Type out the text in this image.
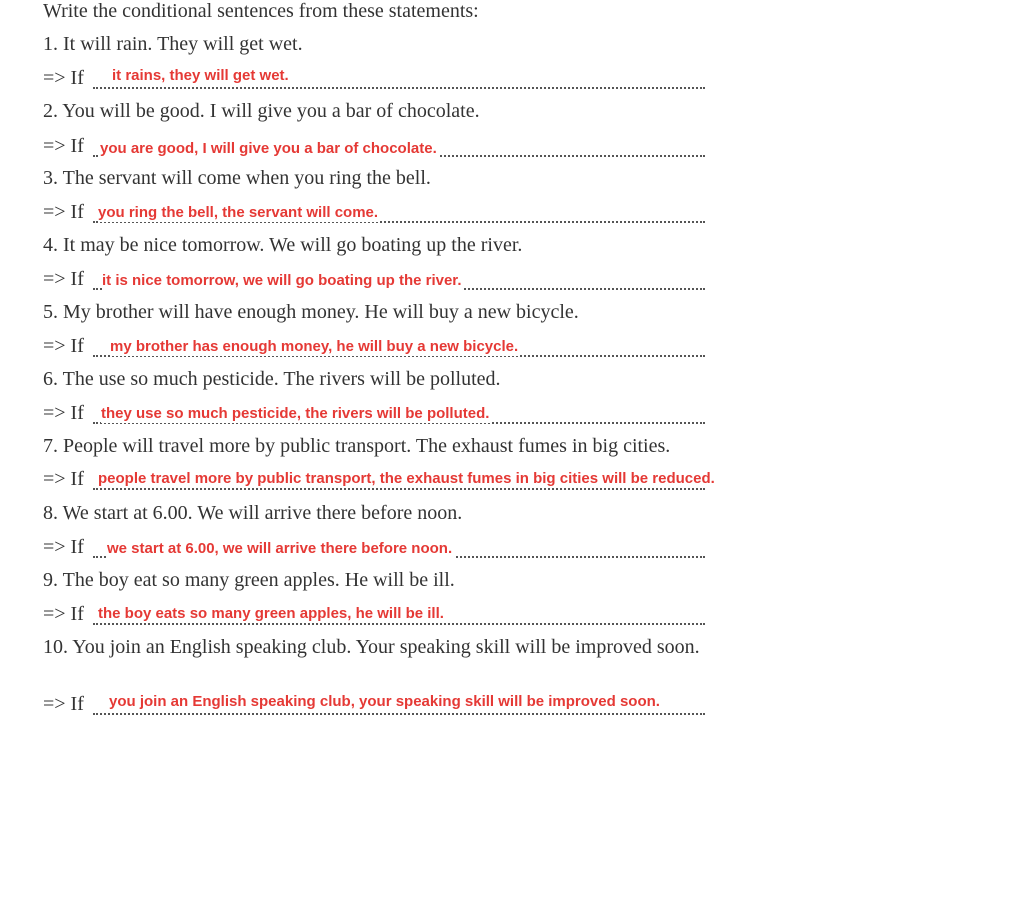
Write the conditional sentences from these statements:
1. It will rain. They will get wet.
=> If it rains, they will get wet.
2. You will be good. I will give you a bar of chocolate.
=> If you are good, I will give you a bar of chocolate.
3. The servant will come when you ring the bell.
=> If you ring the bell, the servant will come.
4. It may be nice tomorrow. We will go boating up the river.
=> If it is nice tomorrow, we will go boating up the river.
5. My brother will have enough money. He will buy a new bicycle.
=> If my brother has enough money, he will buy a new bicycle.
6. The use so much pesticide. The rivers will be polluted.
=> If they use so much pesticide, the rivers will be polluted.
7. People will travel more by public transport. The exhaust fumes in big cities.
=> If people travel more by public transport, the exhaust fumes in big cities will be reduced.
8. We start at 6.00. We will arrive there before noon.
=> If we start at 6.00, we will arrive there before noon.
9. The boy eat so many green apples. He will be ill.
=> If the boy eats so many green apples, he will be ill.
10. You join an English speaking club. Your speaking skill will be improved soon.
=> If you join an English speaking club, your speaking skill will be improved soon.
